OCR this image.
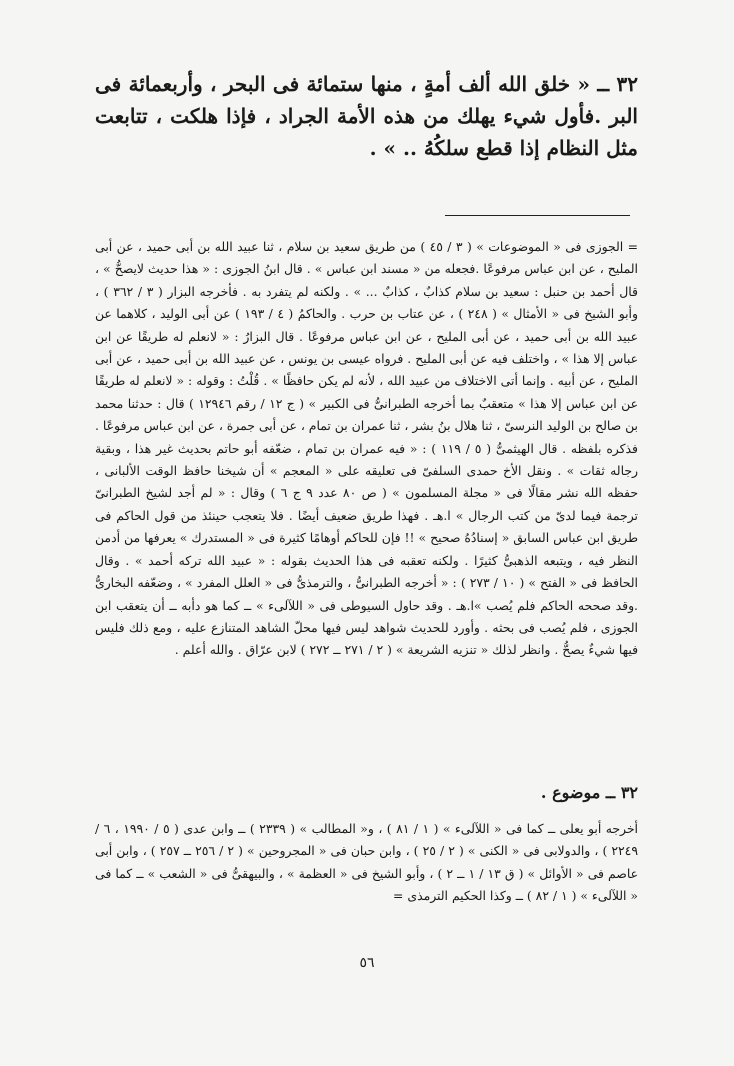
٣٢ ــ « خلق الله ألف أمةٍ ، منها ستمائة فى البحر ، وأربعمائة فى البر .فأول شيء يهلك من هذه الأمة الجراد ، فإذا هلكت ، تتابعت مثل النظام إذا قطع سلكُهُ .. » .

= الجوزى فى « الموضوعات » ( ٣ / ٤٥ ) من طريق سعيد بن سلام ، ثنا عبيد الله بن أبى حميد ، عن أبى المليح ، عن ابن عباس مرفوعًا .فجعله من « مسند ابن عباس » . قال ابنُ الجوزى : « هذا حديث لايصحُّ » ، قال أحمد بن حنبل : سعيد بن سلام كذابٌ ، كذابٌ ... » . ولكنه لم يتفرد به . فأخرجه البزار ( ٣ / ٣٦٢ ) ، وأبو الشيخ فى « الأمثال » ( ٢٤٨ ) ، عن عتاب بن حرب . والحاكمُ ( ٤ / ١٩٣ ) عن أبى الوليد ، كلاهما عن عبيد الله بن أبى حميد ، عن أبى المليح ، عن ابن عباس مرفوعًا . قال البزارُ : « لانعلم له طريقًا عن ابن عباس إلا هذا » ، واختلف فيه عن أبى المليح . فرواه عيسى بن يونس ، عن عبيد الله بن أبى حميد ، عن أبى المليح ، عن أبيه . وإنما أتى الاختلاف من عبيد الله ، لأنه لم يكن حافظًا » . قُلْتُ : وقوله : « لانعلم له طريقًا عن ابن عباس إلا هذا » متعقبٌ بما أخرجه الطبرانىُّ فى الكبير » ( ج ١٢ / رقم ١٢٩٤٦ ) قال : حدثنا محمد بن صالح بن الوليد النرسىّ ، ثنا هلال بنُ بشر ، ثنا عمران بن تمام ، عن أبى جمرة ، عن ابن عباس مرفوعًا . فذكره بلفظه . قال الهيثمىُّ ( ٥ / ١١٩ ) : « فيه عمران بن تمام ، ضعّفه أبو حاتم بحديث غير هذا ، وبقية رجاله ثقات » . ونقل الأخ حمدى السلفىّ فى تعليقه على « المعجم » أن شيخنا حافظ الوقت الألبانى ، حفظه الله نشر مقالًا فى « مجلة المسلمون » ( ص ٨٠ عدد ٩ ج ٦ ) وقال : « لم أجد لشيخ الطبرانىّ ترجمة فيما لدىّ من كتب الرجال » ا.هـ . فهذا طريق ضعيف أيضًا . فلا يتعجب حينئذ من قول الحاكم فى طريق ابن عباس السابق « إسنادُهُ صحيح » !! فإن للحاكم أوهامًا كثيرة فى « المستدرك » يعرفها من أدمن النظر فيه ، ويتبعه الذهبىُّ كثيرًا . ولكنه تعقبه فى هذا الحديث بقوله : « عبيد الله تركه أحمد » . وقال الحافظ فى « الفتح » ( ١٠ / ٢٧٣ ) : « أخرجه الطبرانىُّ ، والترمذىُّ فى « العلل المفرد » ، وضعّفه البخارىُّ .وقد صححه الحاكم فلم يُصب »ا.هـ . وقد حاول السيوطى فى « اللآلىء » ــ كما هو دأبه ــ أن يتعقب ابن الجوزى ، فلم يُصب فى بحثه . وأورد للحديث شواهد ليس فيها محلّ الشاهد المتنازع عليه ، ومع ذلك فليس فيها شيءٌ يصحُّ . وانظر لذلك « تنزيه الشريعة » ( ٢ / ٢٧١ ــ ٢٧٢ ) لابن عرّاق . والله أعلم .

٣٢ ــ موضوع .

أخرجه أبو يعلى ــ كما فى « اللآلىء » ( ١ / ٨١ ) ، و« المطالب » ( ٢٣٣٩ ) ــ وابن عدى ( ٥ / ١٩٩٠ ، ٦ / ٢٢٤٩ ) ، والدولابى فى « الكنى » ( ٢ / ٢٥ ) ، وابن حبان فى « المجروحين » ( ٢ / ٢٥٦ ــ ٢٥٧ ) ، وابن أبى عاصم فى « الأوائل » ( ق ١٣ / ١ ــ ٢ ) ، وأبو الشيخ فى « العظمة » ، والبيهقىُّ فى « الشعب » ــ كما فى « اللآلىء » ( ١ / ٨٢ ) ــ وكذا الحكيم الترمذى =

٥٦
